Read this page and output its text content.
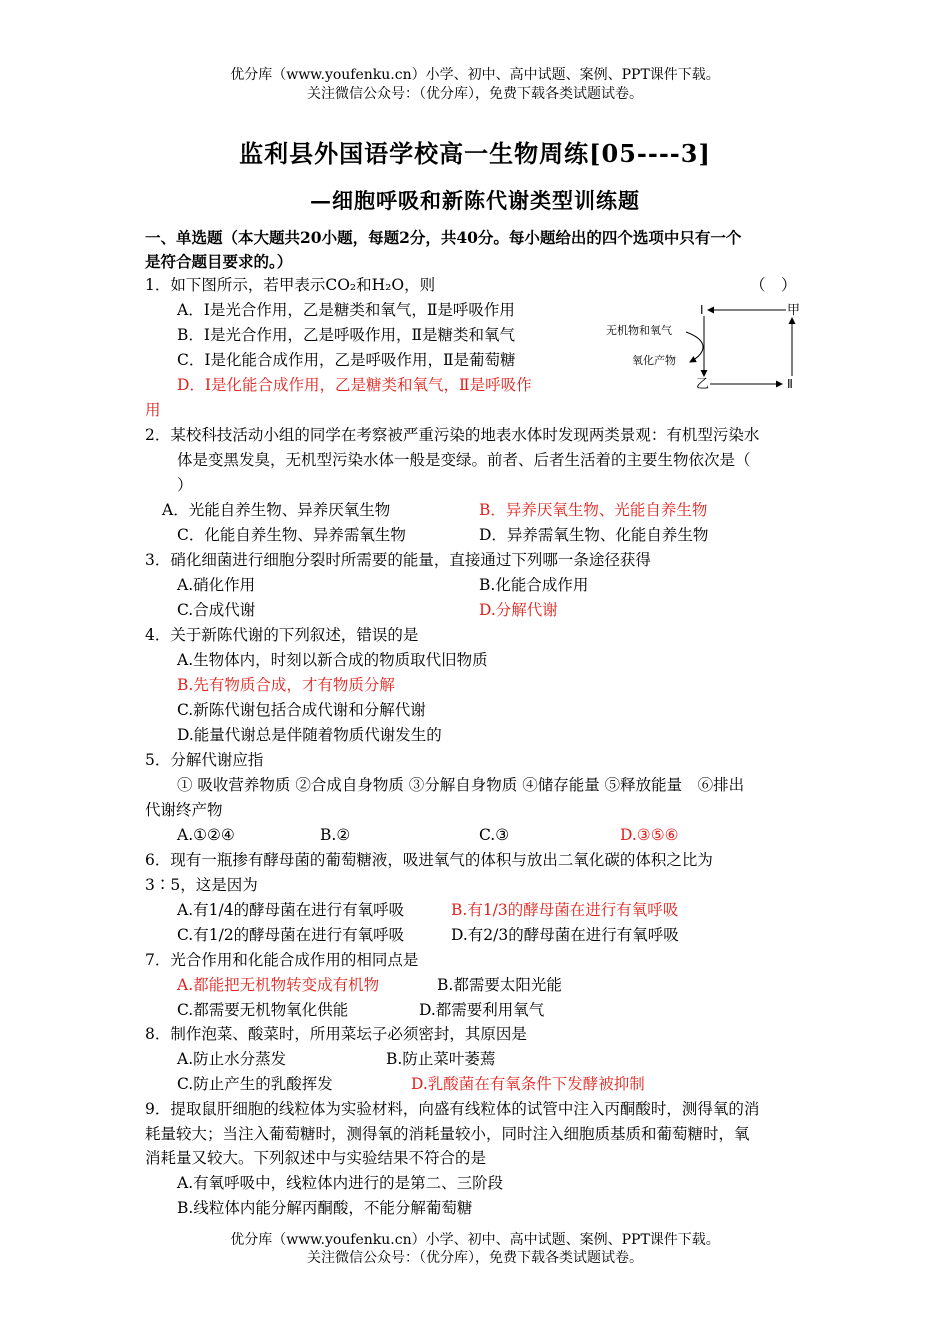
优分库（www.youfenku.cn）小学、初中、高中试题、案例、PPT课件下载。
关注微信公众号：（优分库），免费下载各类试题试卷。
监利县外国语学校高一生物周练[05----3]
—细胞呼吸和新陈代谢类型训练题
一、单选题（本大题共20小题，每题2分，共40分。每小题给出的四个选项中只有一个
是符合题目要求的。）
1．如下图所示，若甲表示CO₂和H₂O，则	（　）
A．Ⅰ是光合作用，乙是糖类和氧气，Ⅱ是呼吸作用
B．Ⅰ是光合作用，乙是呼吸作用，Ⅱ是糖类和氧气
C．Ⅰ是化能合成作用，乙是呼吸作用，Ⅱ是葡萄糖
D．Ⅰ是化能合成作用，乙是糖类和氧气，Ⅱ是呼吸作
用
Ⅰ	甲
无机物和氧气
氧化产物
乙	Ⅱ
2．某校科技活动小组的同学在考察被严重污染的地表水体时发现两类景观：有机型污染水
体是变黑发臭，无机型污染水体一般是变绿。前者、后者生活着的主要生物依次是（
）
A．光能自养生物、异养厌氧生物	B．异养厌氧生物、光能自养生物
C．化能自养生物、异养需氧生物	D．异养需氧生物、化能自养生物
3．硝化细菌进行细胞分裂时所需要的能量，直接通过下列哪一条途径获得
A.硝化作用	B.化能合成作用
C.合成代谢	D.分解代谢
4．关于新陈代谢的下列叙述，错误的是
A.生物体内，时刻以新合成的物质取代旧物质
B.先有物质合成，才有物质分解
C.新陈代谢包括合成代谢和分解代谢
D.能量代谢总是伴随着物质代谢发生的
5．分解代谢应指
① 吸收营养物质 ②合成自身物质 ③分解自身物质 ④储存能量 ⑤释放能量　⑥排出
代谢终产物
A.①②④	B.②	C.③	D.③⑤⑥
6．现有一瓶掺有酵母菌的葡萄糖液，吸进氧气的体积与放出二氧化碳的体积之比为
3∶5，这是因为
A.有1/4的酵母菌在进行有氧呼吸	B.有1/3的酵母菌在进行有氧呼吸
C.有1/2的酵母菌在进行有氧呼吸	D.有2/3的酵母菌在进行有氧呼吸
7．光合作用和化能合成作用的相同点是
A.都能把无机物转变成有机物	B.都需要太阳光能
C.都需要无机物氧化供能	D.都需要利用氧气
8．制作泡菜、酸菜时，所用菜坛子必须密封，其原因是
A.防止水分蒸发	B.防止菜叶萎蔫
C.防止产生的乳酸挥发	D.乳酸菌在有氧条件下发酵被抑制
9．提取鼠肝细胞的线粒体为实验材料，向盛有线粒体的试管中注入丙酮酸时，测得氧的消
耗量较大；当注入葡萄糖时，测得氧的消耗量较小，同时注入细胞质基质和葡萄糖时，氧
消耗量又较大。下列叙述中与实验结果不符合的是
A.有氧呼吸中，线粒体内进行的是第二、三阶段
B.线粒体内能分解丙酮酸，不能分解葡萄糖
优分库（www.youfenku.cn）小学、初中、高中试题、案例、PPT课件下载。
关注微信公众号：（优分库），免费下载各类试题试卷。
